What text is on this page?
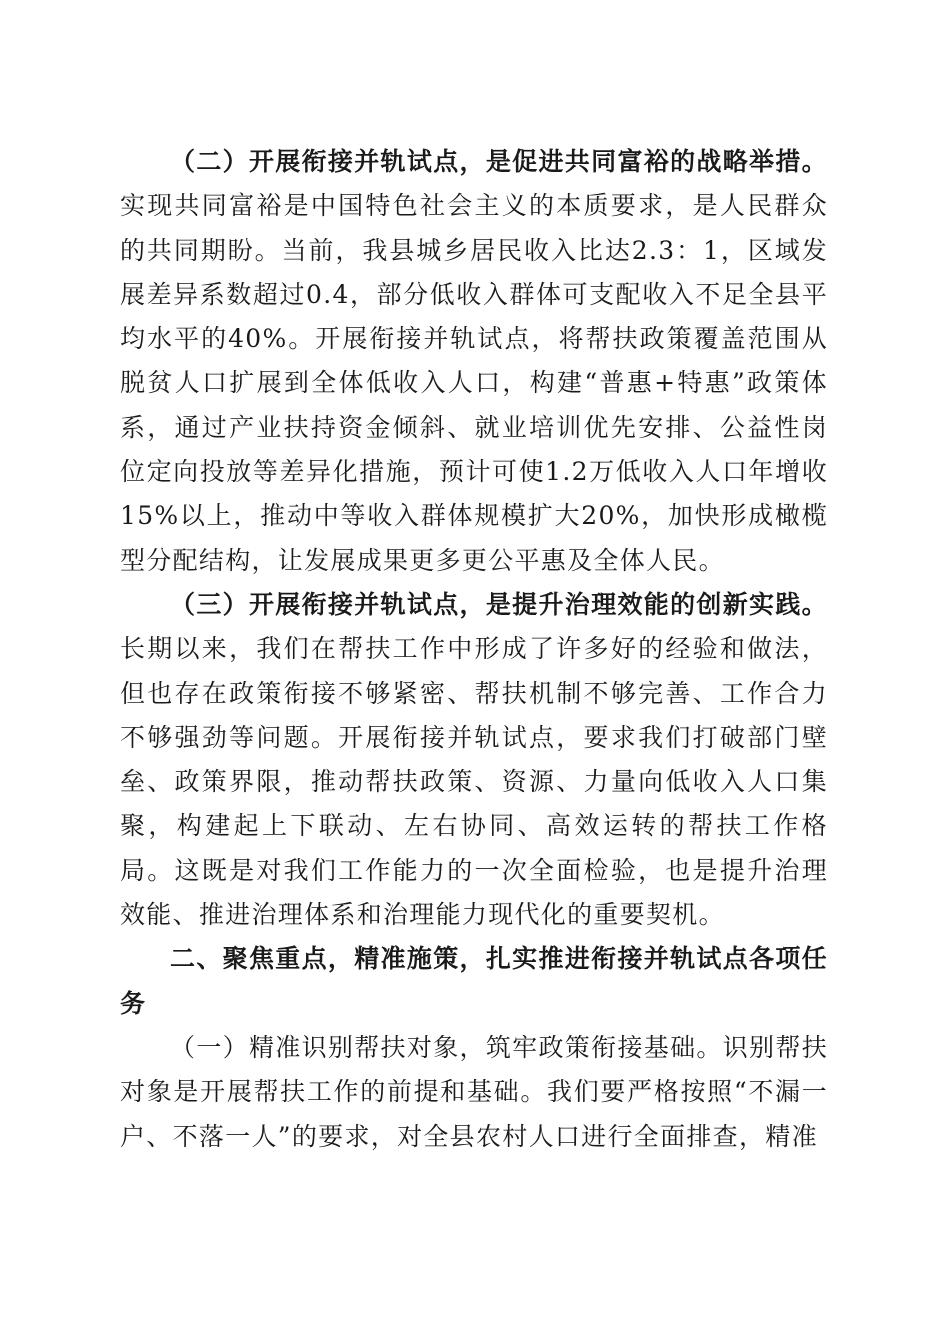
（二）开展衔接并轨试点，是促进共同富裕的战略举措。实现共同富裕是中国特色社会主义的本质要求，是人民群众的共同期盼。当前，我县城乡居民收入比达2.3：1，区域发展差异系数超过0.4，部分低收入群体可支配收入不足全县平均水平的40%。开展衔接并轨试点，将帮扶政策覆盖范围从脱贫人口扩展到全体低收入人口，构建“普惠+特惠”政策体系，通过产业扶持资金倾斜、就业培训优先安排、公益性岗位定向投放等差异化措施，预计可使1.2万低收入人口年增收15%以上，推动中等收入群体规模扩大20%，加快形成橄榄型分配结构，让发展成果更多更公平惠及全体人民。

（三）开展衔接并轨试点，是提升治理效能的创新实践。长期以来，我们在帮扶工作中形成了许多好的经验和做法，但也存在政策衔接不够紧密、帮扶机制不够完善、工作合力不够强劲等问题。开展衔接并轨试点，要求我们打破部门壁垒、政策界限，推动帮扶政策、资源、力量向低收入人口集聚，构建起上下联动、左右协同、高效运转的帮扶工作格局。这既是对我们工作能力的一次全面检验，也是提升治理效能、推进治理体系和治理能力现代化的重要契机。

二、聚焦重点，精准施策，扎实推进衔接并轨试点各项任务

（一）精准识别帮扶对象，筑牢政策衔接基础。识别帮扶对象是开展帮扶工作的前提和基础。我们要严格按照“不漏一户、不落一人”的要求，对全县农村人口进行全面排查，精准
